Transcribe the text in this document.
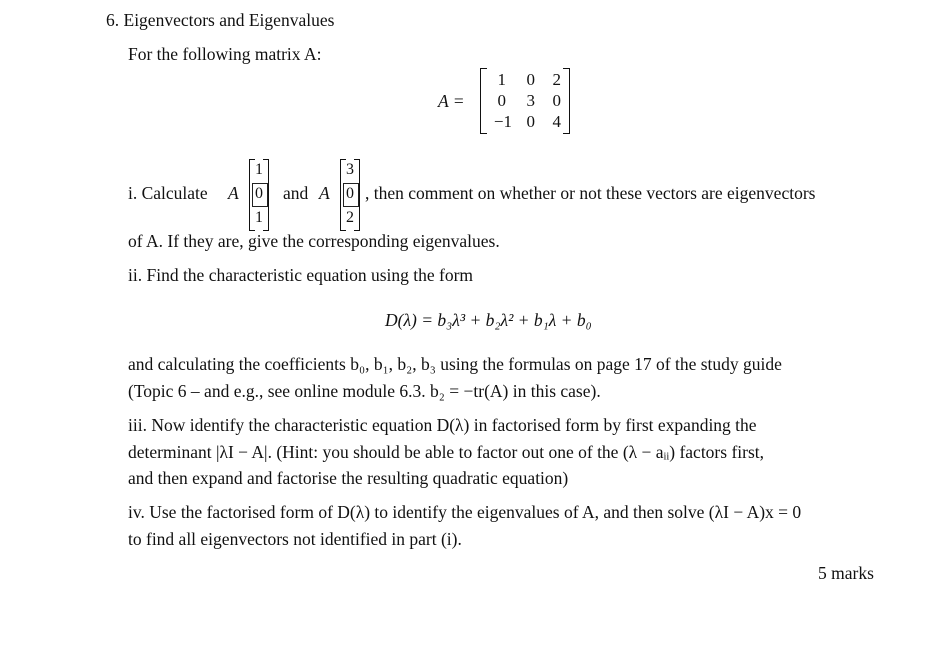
6. Eigenvectors and Eigenvalues
For the following matrix A:
A =
1	0	2
0	3	0
−1 0	4
i. Calculate A
1
0
1
and A
3
0
2
, then comment on whether or not these vectors are eigenvectors
of A. If they are, give the corresponding eigenvalues.
ii. Find the characteristic equation using the form
D(λ) = b₃λ³ + b₂λ² + b₁λ + b₀
and calculating the coefficients b₀, b₁, b₂, b₃ using the formulas on page 17 of the study guide
(Topic 6 – and e.g., see online module 6.3. b₂ = −tr(A) in this case).
iii. Now identify the characteristic equation D(λ) in factorised form by first expanding the
determinant |λI − A|. (Hint: you should be able to factor out one of the (λ − aᵢᵢ) factors first,
and then expand and factorise the resulting quadratic equation)
iv. Use the factorised form of D(λ) to identify the eigenvalues of A, and then solve (λI − A)x = 0
to find all eigenvectors not identified in part (i).
5 marks
